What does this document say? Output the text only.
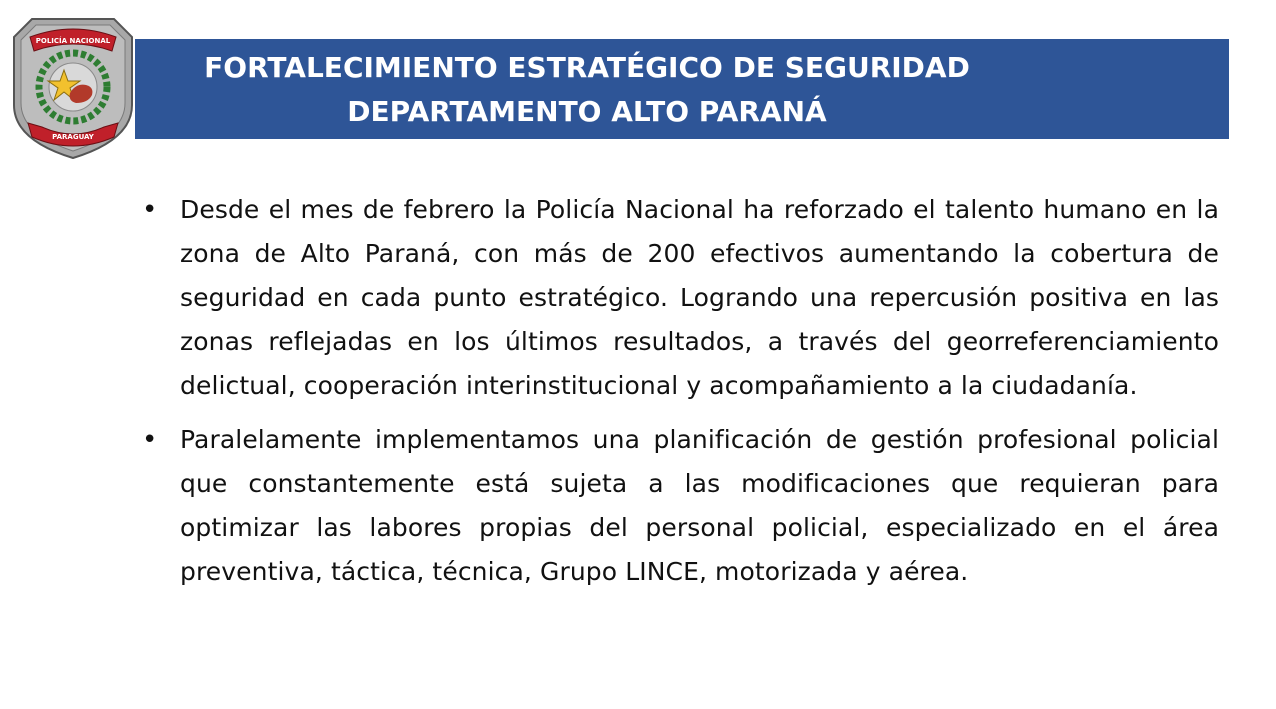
POLICÍA NACIONAL
PARAGUAY
FORTALECIMIENTO ESTRATÉGICO DE SEGURIDAD
DEPARTAMENTO ALTO PARANÁ
• Desde el mes de febrero la Policía Nacional ha reforzado el talento humano en la zona de Alto Paraná, con más de 200 efectivos aumentando la cobertura de seguridad en cada punto estratégico. Logrando una repercusión positiva en las zonas reflejadas en los últimos resultados, a través del georreferenciamiento delictual, cooperación interinstitucional y acompañamiento a la ciudadanía.

• Paralelamente implementamos una planificación de gestión profesional policial que constantemente está sujeta a las modificaciones que requieran para optimizar las labores propias del personal policial, especializado en el área preventiva, táctica, técnica, Grupo LINCE, motorizada y aérea.
